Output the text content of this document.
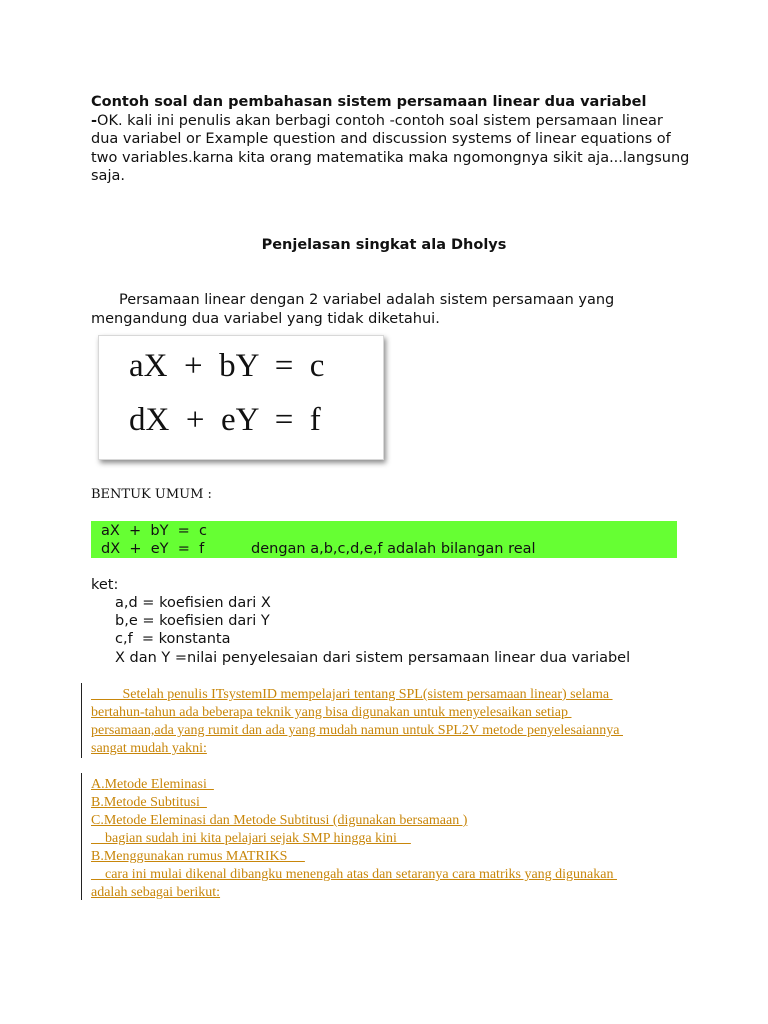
Contoh soal dan pembahasan sistem persamaan linear dua variabel
-OK. kali ini penulis akan berbagi contoh -contoh soal sistem persamaan linear dua variabel or Example question and discussion systems of linear equations of two variables.karna kita orang matematika maka ngomongnya sikit aja...langsung saja.
Penjelasan singkat ala Dholys
Persamaan linear dengan 2 variabel adalah sistem persamaan yang mengandung dua variabel yang tidak diketahui.
aX  +  bY  =  c
dX  +  eY  =  f
BENTUK UMUM :
aX  +  bY  =  c
dX  +  eY  =  f	dengan a,b,c,d,e,f adalah bilangan real
ket:
a,d = koefisien dari X
b,e = koefisien dari Y
c,f  = konstanta
X dan Y =nilai penyelesaian dari sistem persamaan linear dua variabel
Setelah penulis ITsystemID mempelajari tentang SPL(sistem persamaan linear) selama
bertahun-tahun ada beberapa teknik yang bisa digunakan untuk menyelesaikan setiap
persamaan,ada yang rumit dan ada yang mudah namun untuk SPL2V metode penyelesaiannya
sangat mudah yakni:
A.Metode Eleminasi
B.Metode Subtitusi
C.Metode Eleminasi dan Metode Subtitusi (digunakan bersamaan )
bagian sudah ini kita pelajari sejak SMP hingga kini
B.Menggunakan rumus MATRIKS
cara ini mulai dikenal dibangku menengah atas dan setaranya cara matriks yang digunakan
adalah sebagai berikut:
